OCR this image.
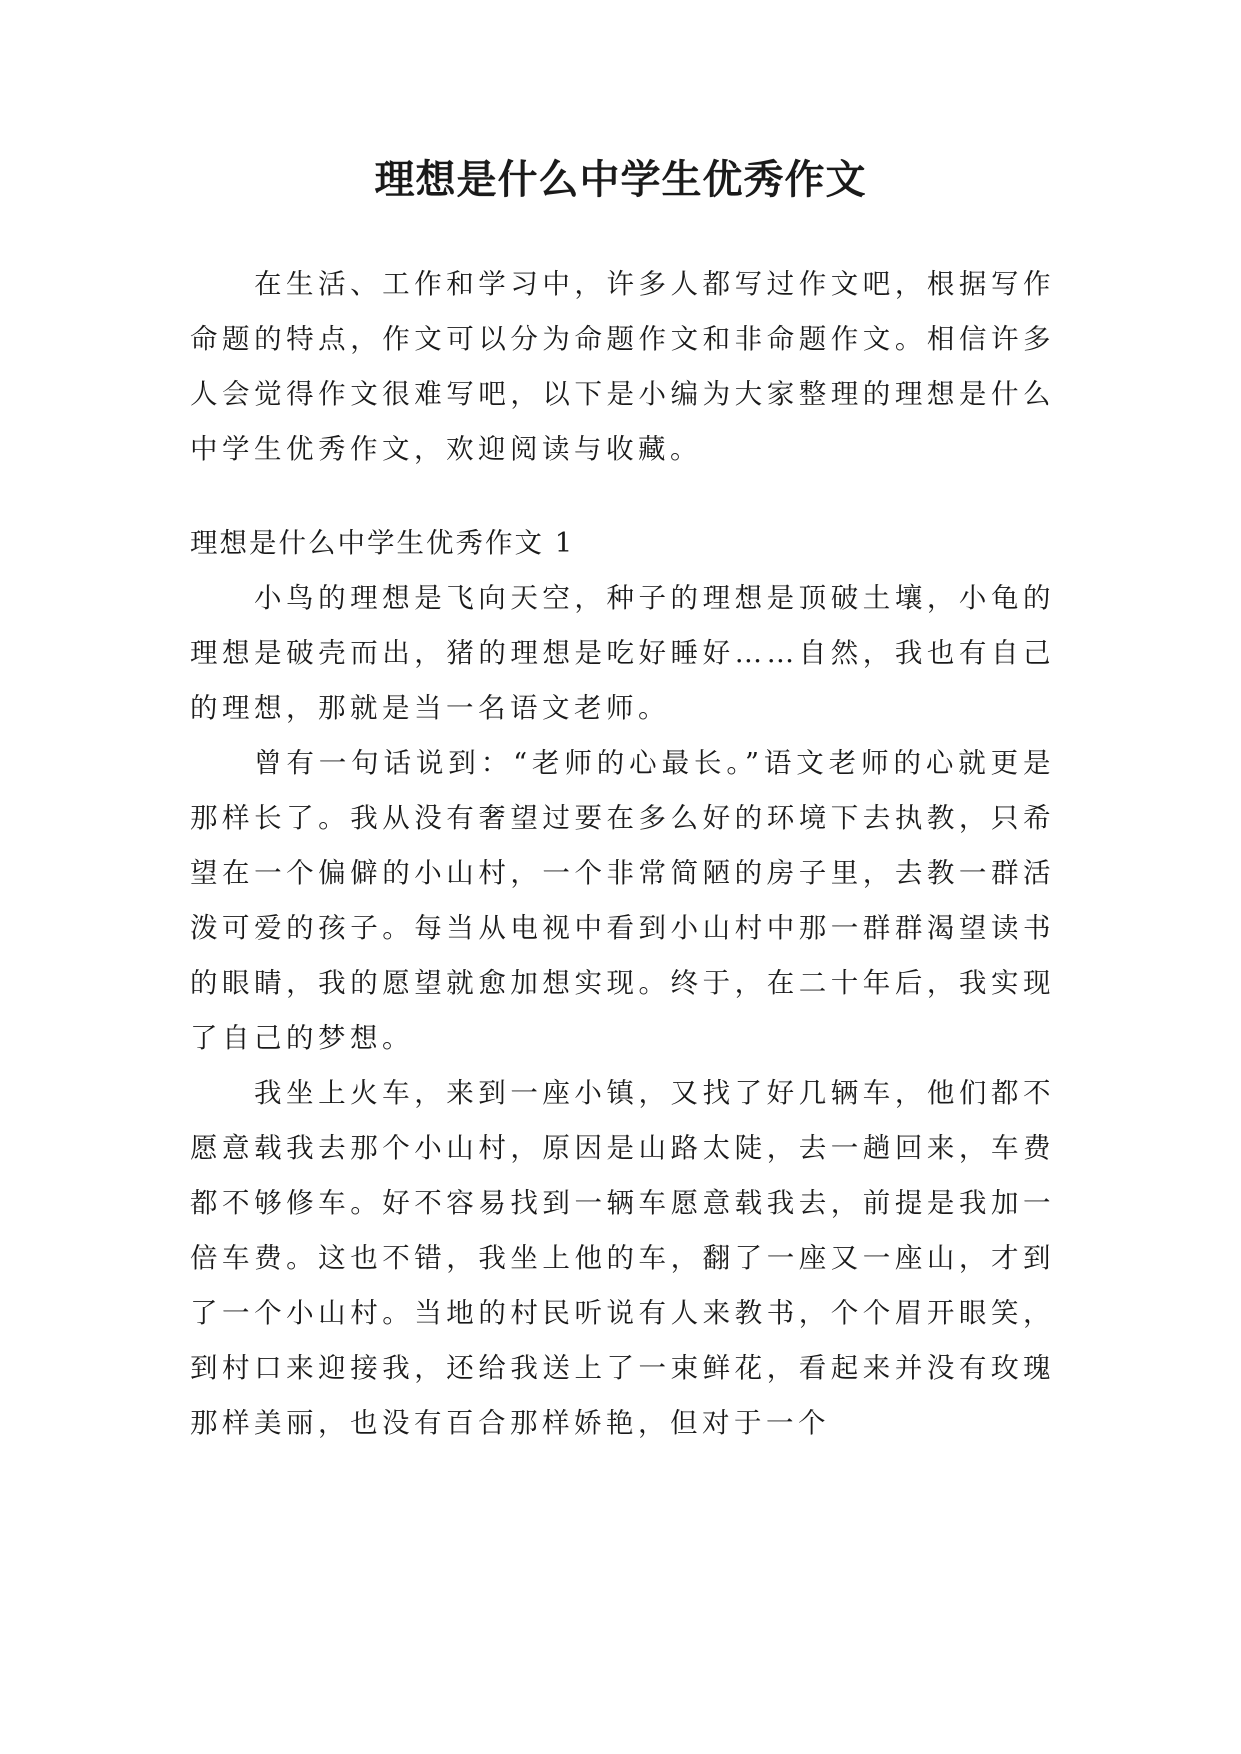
理想是什么中学生优秀作文

在生活、工作和学习中，许多人都写过作文吧，根据写作命题的特点，作文可以分为命题作文和非命题作文。相信许多人会觉得作文很难写吧，以下是小编为大家整理的理想是什么中学生优秀作文，欢迎阅读与收藏。

理想是什么中学生优秀作文 1

小鸟的理想是飞向天空，种子的理想是顶破土壤，小龟的理想是破壳而出，猪的理想是吃好睡好……自然，我也有自己的理想，那就是当一名语文老师。

曾有一句话说到：“老师的心最长。”语文老师的心就更是那样长了。我从没有奢望过要在多么好的环境下去执教，只希望在一个偏僻的小山村，一个非常简陋的房子里，去教一群活泼可爱的孩子。每当从电视中看到小山村中那一群群渴望读书的眼睛，我的愿望就愈加想实现。终于，在二十年后，我实现了自己的梦想。

我坐上火车，来到一座小镇，又找了好几辆车，他们都不愿意载我去那个小山村，原因是山路太陡，去一趟回来，车费都不够修车。好不容易找到一辆车愿意载我去，前提是我加一倍车费。这也不错，我坐上他的车，翻了一座又一座山，才到了一个小山村。当地的村民听说有人来教书，个个眉开眼笑，到村口来迎接我，还给我送上了一束鲜花，看起来并没有玫瑰那样美丽，也没有百合那样娇艳，但对于一个
